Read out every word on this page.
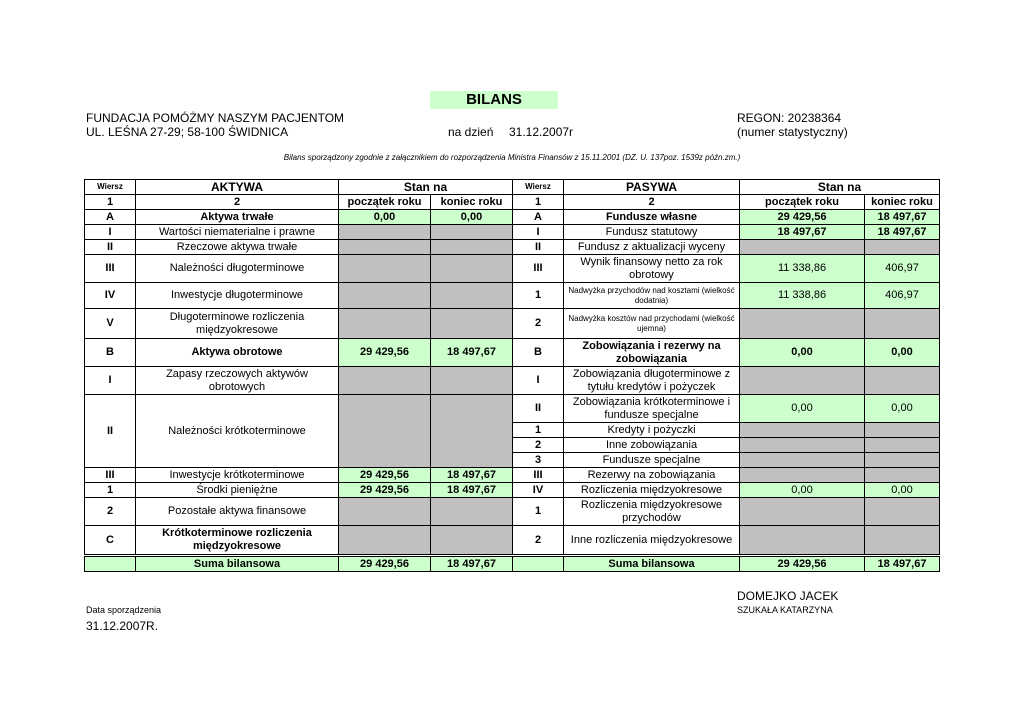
BILANS
FUNDACJA POMÓŻMY NASZYM PACJENTOM
UL. LEŚNA 27-29; 58-100 ŚWIDNICA	na dzień 31.12.2007r
REGON: 20238364
(numer statystyczny)
Bilans sporządzony zgodnie z załącznikiem do rozporządzenia Ministra Finansów z 15.11.2001 (DZ. U. 137poz. 1539z późn.zm.)
Wiersz	AKTYWA	Stan na		Wiersz	PASYWA	Stan na	
1	2	początek roku	koniec roku	1	2	początek roku	koniec roku
A	Aktywa trwałe	0,00	0,00	A	Fundusze własne	29 429,56	18 497,67
I	Wartości niematerialne i prawne			I	Fundusz statutowy	18 497,67	18 497,67
II	Rzeczowe aktywa trwałe			II	Fundusz z aktualizacji wyceny		
III	Należności długoterminowe			III	Wynik finansowy netto za rok obrotowy	11 338,86	406,97
IV	Inwestycje długoterminowe			1	Nadwyżka przychodów nad kosztami (wielkość dodatnia)	11 338,86	406,97
V	Długoterminowe rozliczenia międzyokresowe			2	Nadwyżka kosztów nad przychodami (wielkość ujemna)		
B	Aktywa obrotowe	29 429,56	18 497,67	B	Zobowiązania i rezerwy na zobowiązania	0,00	0,00
I	Zapasy rzeczowych aktywów obrotowych			I	Zobowiązania długoterminowe z tytułu kredytów i pożyczek		
II	Należności krótkoterminowe			II	Zobowiązania krótkoterminowe i fundusze specjalne	0,00	0,00
				1	Kredyty i pożyczki		
				2	Inne zobowiązania		
				3	Fundusze specjalne		
III	Inwestycje krótkoterminowe	29 429,56	18 497,67	III	Rezerwy na zobowiązania		
1	Środki pieniężne	29 429,56	18 497,67	IV	Rozliczenia międzyokresowe	0,00	0,00
2	Pozostałe aktywa finansowe			1	Rozliczenia międzyokresowe przychodów		
C	Krótkoterminowe rozliczenia międzyokresowe			2	Inne rozliczenia międzyokresowe		
	Suma bilansowa	29 429,56	18 497,67		Suma bilansowa	29 429,56	18 497,67
DOMEJKO JACEK
SZUKAŁA KATARZYNA
Data sporządzenia
31.12.2007R.
